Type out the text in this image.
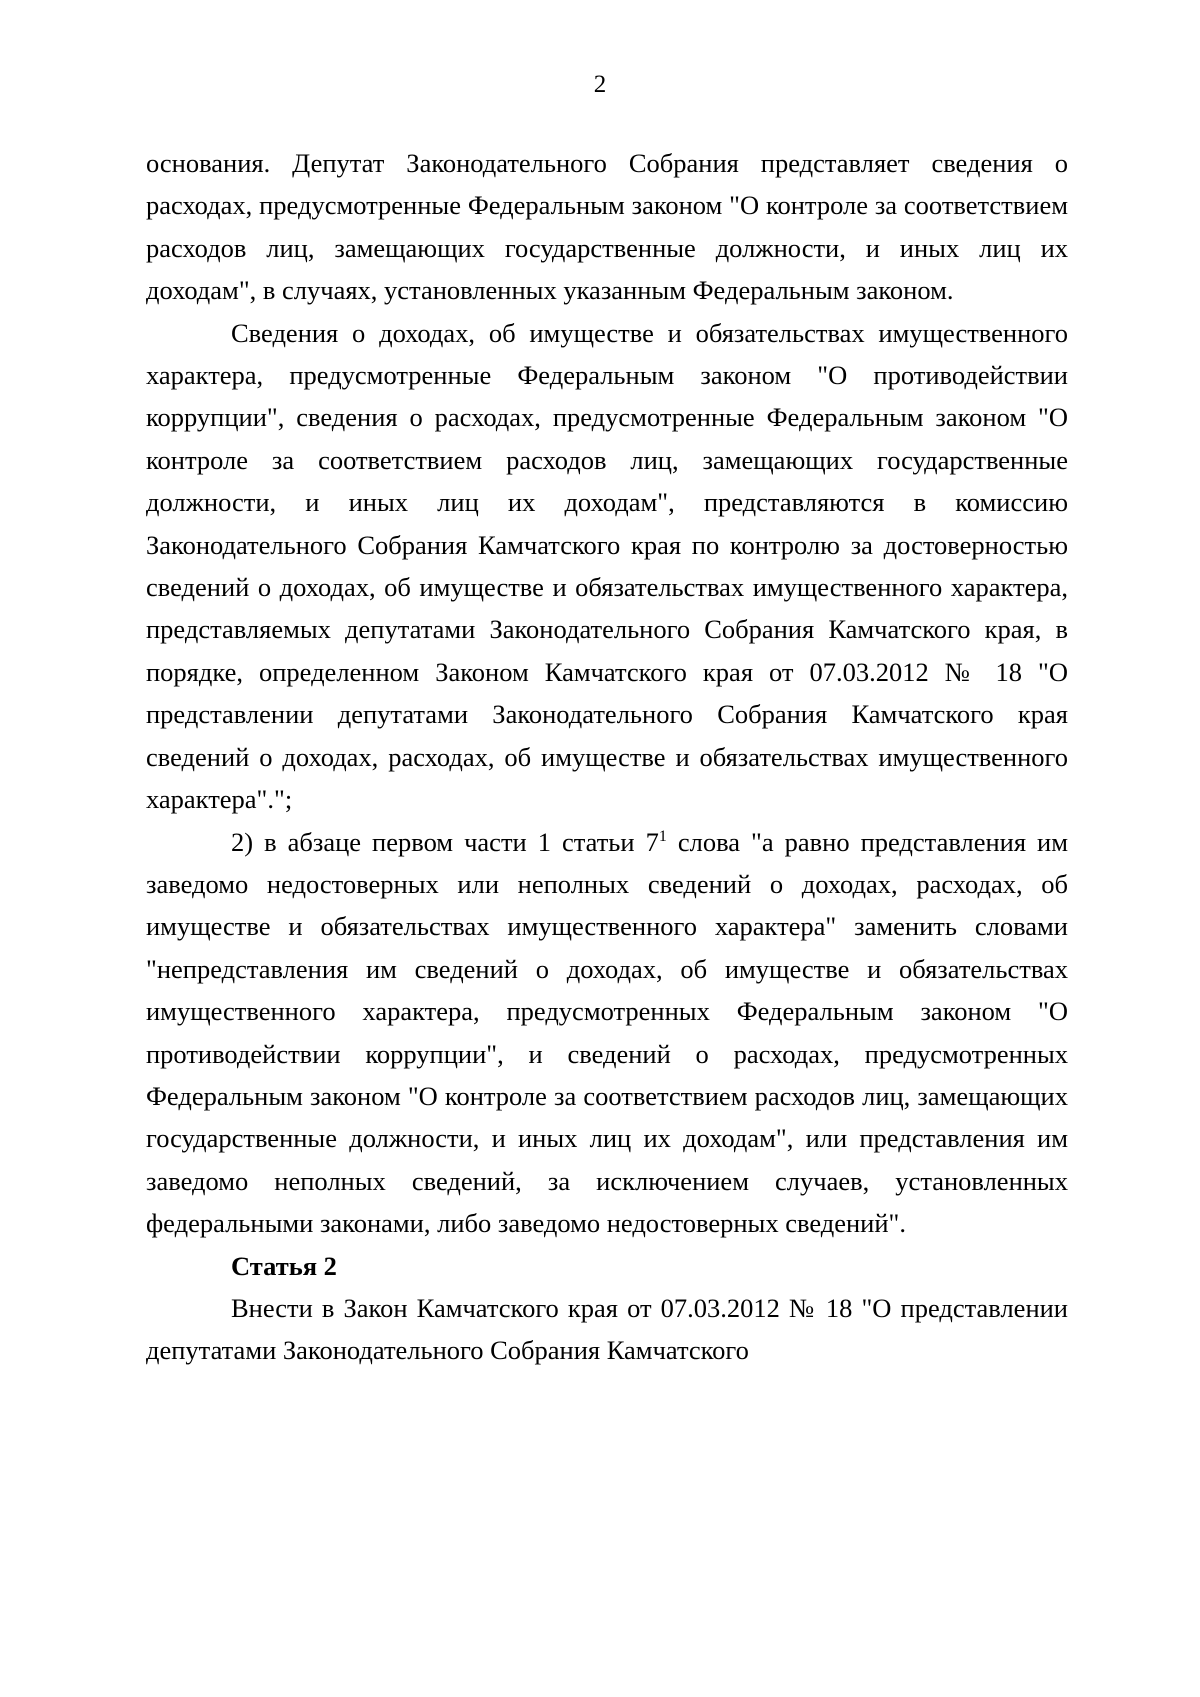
2

основания. Депутат Законодательного Собрания представляет сведения о расходах, предусмотренные Федеральным законом "О контроле за соответствием расходов лиц, замещающих государственные должности, и иных лиц их доходам", в случаях, установленных указанным Федеральным законом.

Сведения о доходах, об имуществе и обязательствах имущественного характера, предусмотренные Федеральным законом "О противодействии коррупции", сведения о расходах, предусмотренные Федеральным законом "О контроле за соответствием расходов лиц, замещающих государственные должности, и иных лиц их доходам", представляются в комиссию Законодательного Собрания Камчатского края по контролю за достоверностью сведений о доходах, об имуществе и обязательствах имущественного характера, представляемых депутатами Законодательного Собрания Камчатского края, в порядке, определенном Законом Камчатского края от 07.03.2012 № 18 "О представлении депутатами Законодательного Собрания Камчатского края сведений о доходах, расходах, об имуществе и обязательствах имущественного характера".";

2) в абзаце первом части 1 статьи $7^1$ слова "а равно представления им заведомо недостоверных или неполных сведений о доходах, расходах, об имуществе и обязательствах имущественного характера" заменить словами "непредставления им сведений о доходах, об имуществе и обязательствах имущественного характера, предусмотренных Федеральным законом "О противодействии коррупции", и сведений о расходах, предусмотренных Федеральным законом "О контроле за соответствием расходов лиц, замещающих государственные должности, и иных лиц их доходам", или представления им заведомо неполных сведений, за исключением случаев, установленных федеральными законами, либо заведомо недостоверных сведений".

Статья 2

Внести в Закон Камчатского края от 07.03.2012 № 18 "О представлении депутатами Законодательного Собрания Камчатского
